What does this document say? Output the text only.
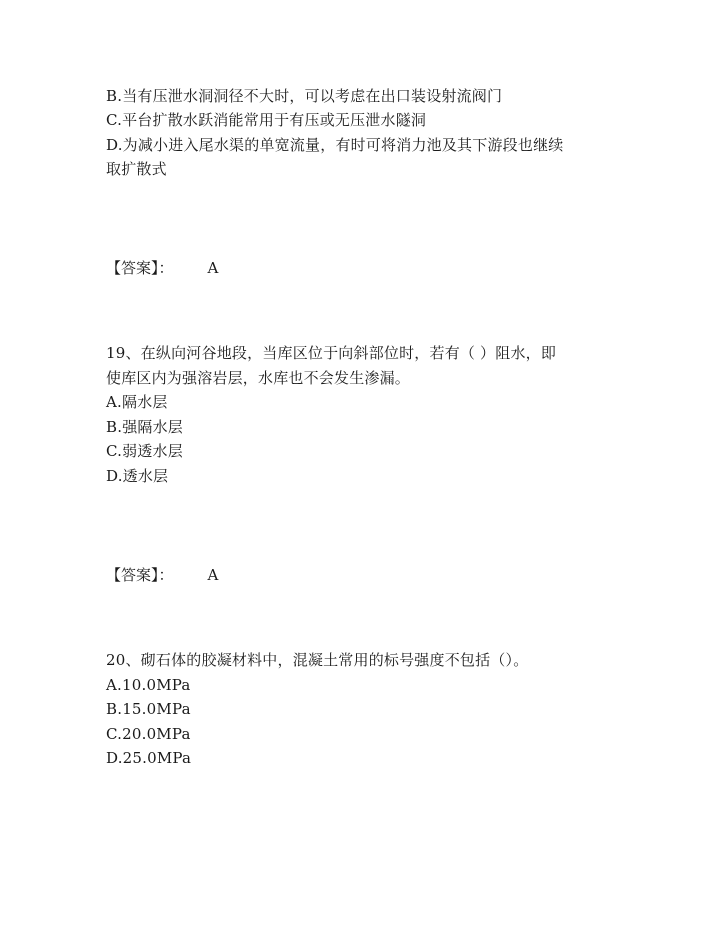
B.当有压泄水洞洞径不大时，可以考虑在出口装设射流阀门
C.平台扩散水跃消能常用于有压或无压泄水隧洞
D.为减小进入尾水渠的单宽流量，有时可将消力池及其下游段也继续
取扩散式
【答案】： A
19、在纵向河谷地段，当库区位于向斜部位时，若有（ ）阻水，即
使库区内为强溶岩层，水库也不会发生渗漏。
A.隔水层
B.强隔水层
C.弱透水层
D.透水层
【答案】： A
20、砌石体的胶凝材料中，混凝土常用的标号强度不包括（）。
A.10.0MPa
B.15.0MPa
C.20.0MPa
D.25.0MPa
